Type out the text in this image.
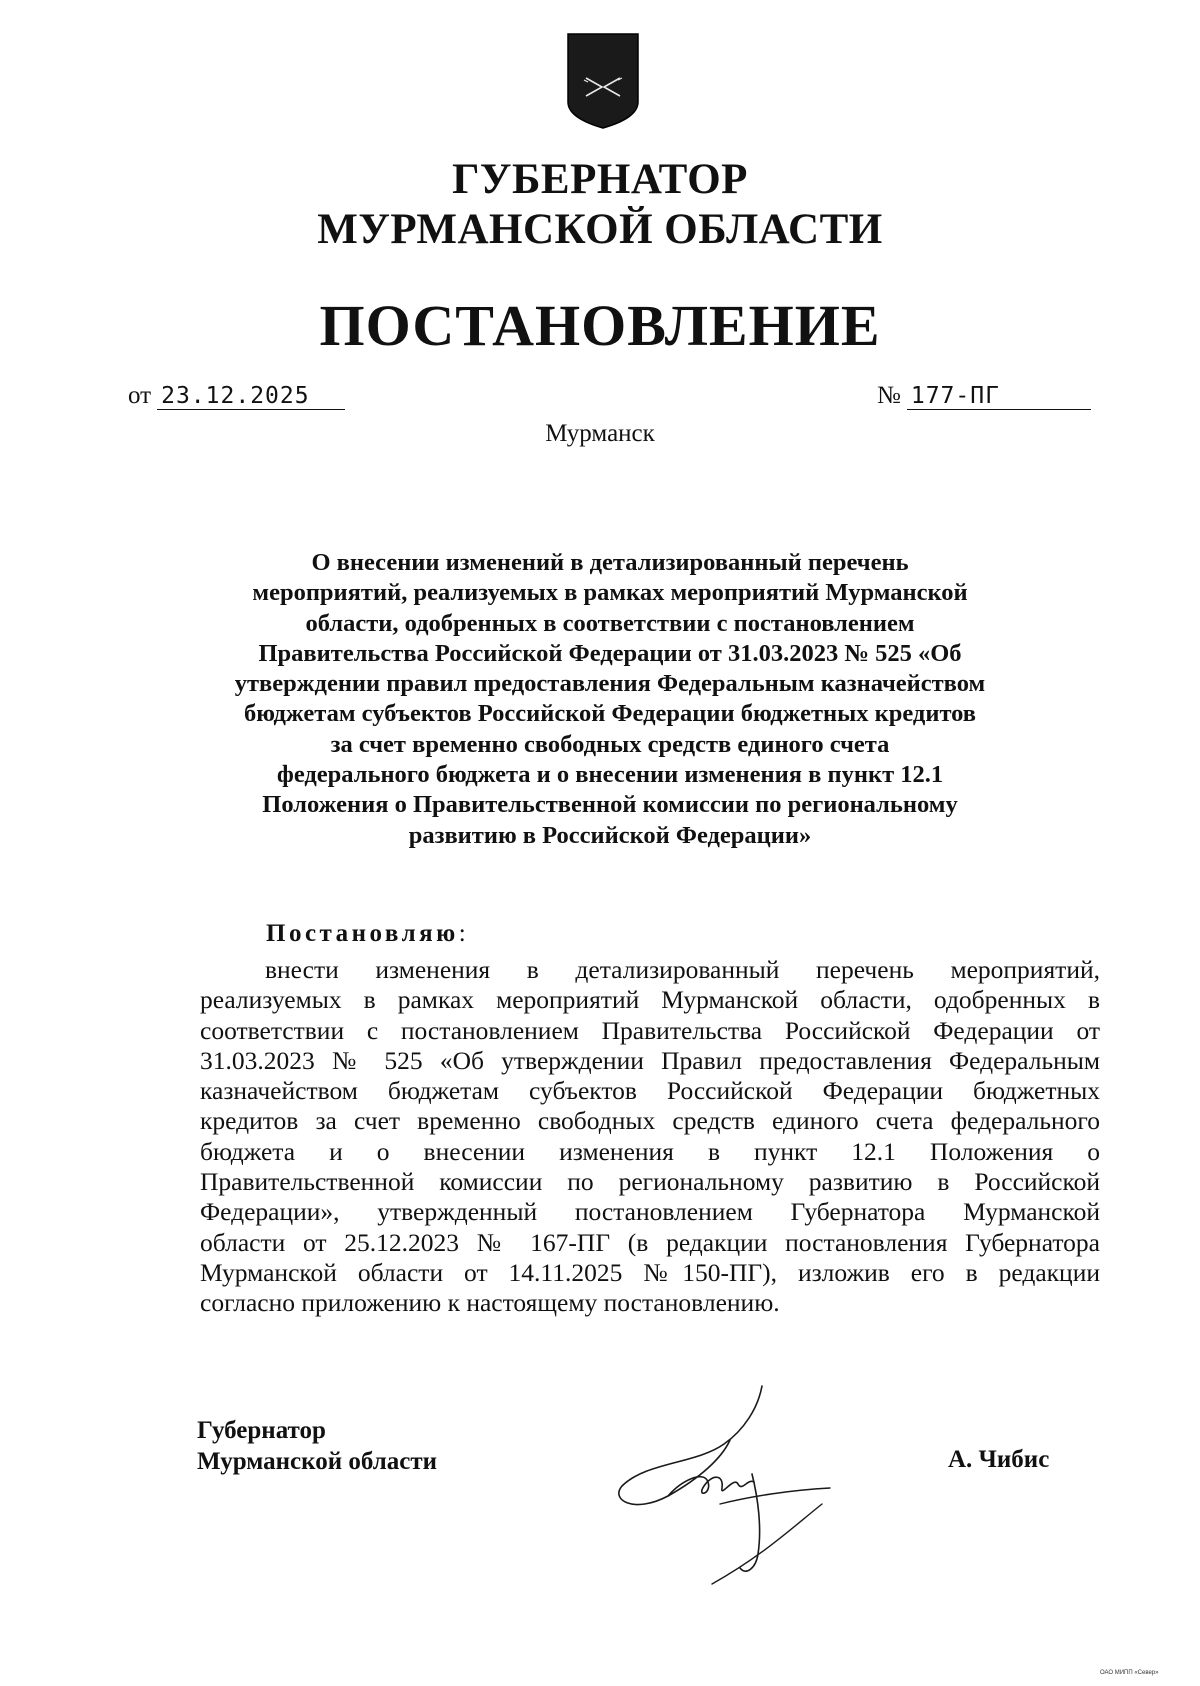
ГУБЕРНАТОР

МУРМАНСКОЙ ОБЛАСТИ

ПОСТАНОВЛЕНИЕ

от 23.12.2025	№ 177-ПГ

Мурманск

О внесении изменений в детализированный перечень
мероприятий, реализуемых в рамках мероприятий Мурманской
области, одобренных в соответствии с постановлением
Правительства Российской Федерации от 31.03.2023 № 525 «Об
утверждении правил предоставления Федеральным казначейством
бюджетам субъектов Российской Федерации бюджетных кредитов
за счет временно свободных средств единого счета
федерального бюджета и о внесении изменения в пункт 12.1
Положения о Правительственной комиссии по региональному
развитию в Российской Федерации»

Постановляю:

внести изменения в детализированный перечень мероприятий,
реализуемых в рамках мероприятий Мурманской области, одобренных в
соответствии с постановлением Правительства Российской Федерации от
31.03.2023 № 525 «Об утверждении Правил предоставления Федеральным
казначейством бюджетам субъектов Российской Федерации бюджетных
кредитов за счет временно свободных средств единого счета федерального
бюджета и о внесении изменения в пункт 12.1 Положения о
Правительственной комиссии по региональному развитию в Российской
Федерации», утвержденный постановлением Губернатора Мурманской
области от 25.12.2023 № 167-ПГ (в редакции постановления Губернатора
Мурманской области от 14.11.2025 №150-ПГ), изложив его в редакции
согласно приложению к настоящему постановлению.

Губернатор
Мурманской области	А. Чибис

ОАО МИПП «Север»
